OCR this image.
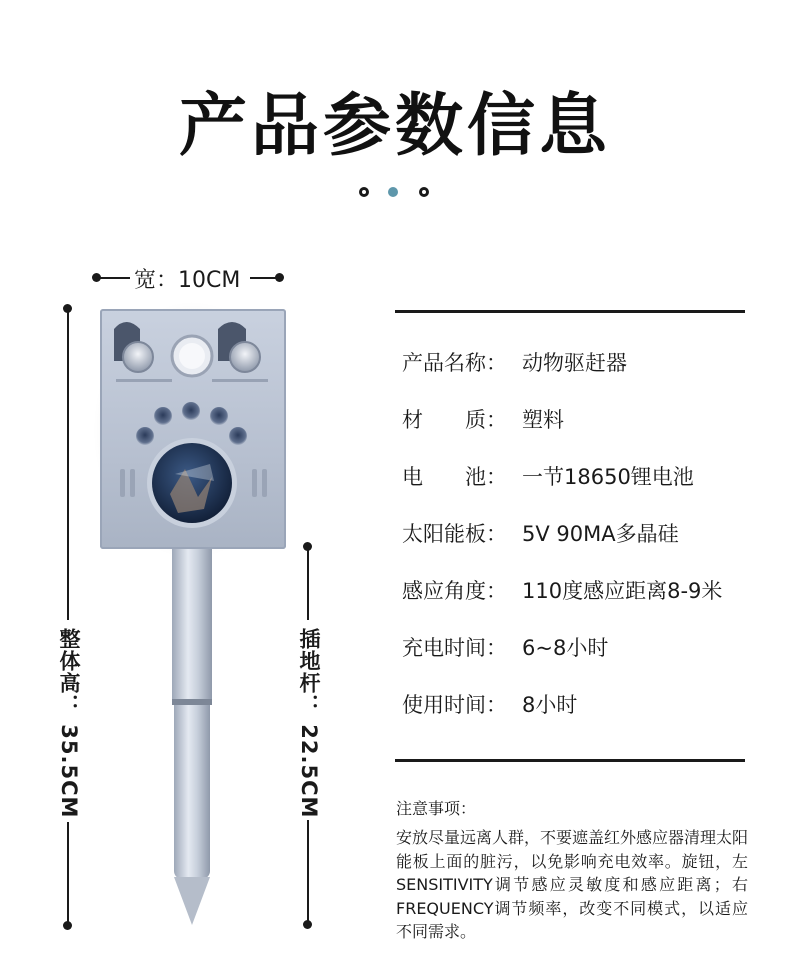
产品参数信息
宽：10CM
整体高： 35.5CM	插地杆： 22.5CM
产品名称： 动物驱赶器
材　　质： 塑料
电　　池： 一节18650锂电池
太阳能板： 5V 90MA多晶硅
感应角度： 110度感应距离8-9米
充电时间： 6~8小时
使用时间： 8小时
注意事项：
安放尽量远离人群，不要遮盖红外感应器清理太阳能板上面的脏污，以免影响充电效率。旋钮，左SENSITIVITY调节感应灵敏度和感应距离；右FREQUENCY调节频率，改变不同模式，以适应不同需求。
